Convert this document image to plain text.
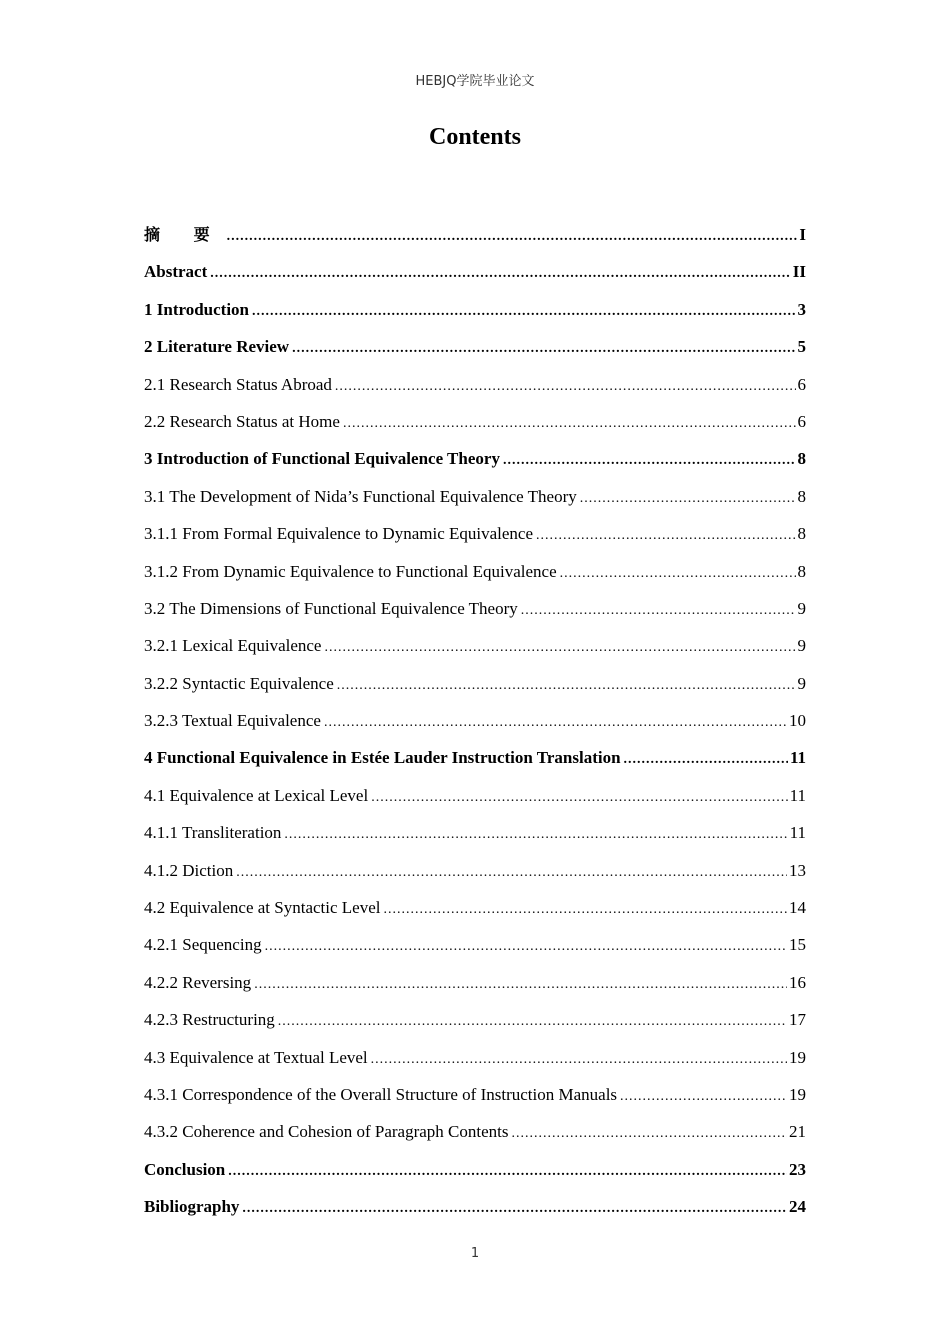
HEBJQ学院毕业论文
Contents
摘 要 .....	I
Abstract .....	II
1 Introduction .....	3
2 Literature Review .....	5
2.1 Research Status Abroad .....	6
2.2 Research Status at Home .....	6
3 Introduction of Functional Equivalence Theory .....	8
3.1 The Development of Nida’s Functional Equivalence Theory .....	8
3.1.1 From Formal Equivalence to Dynamic Equivalence .....	8
3.1.2 From Dynamic Equivalence to Functional Equivalence .....	8
3.2 The Dimensions of Functional Equivalence Theory .....	9
3.2.1 Lexical Equivalence .....	9
3.2.2 Syntactic Equivalence .....	9
3.2.3 Textual Equivalence .....	10
4 Functional Equivalence in Estée Lauder Instruction Translation .....	11
4.1 Equivalence at Lexical Level .....	11
4.1.1 Transliteration .....	11
4.1.2 Diction .....	13
4.2 Equivalence at Syntactic Level .....	14
4.2.1 Sequencing .....	15
4.2.2 Reversing .....	16
4.2.3 Restructuring .....	17
4.3 Equivalence at Textual Level .....	19
4.3.1 Correspondence of the Overall Structure of Instruction Manuals .....	19
4.3.2 Coherence and Cohesion of Paragraph Contents .....	21
Conclusion .....	23
Bibliography .....	24
1
